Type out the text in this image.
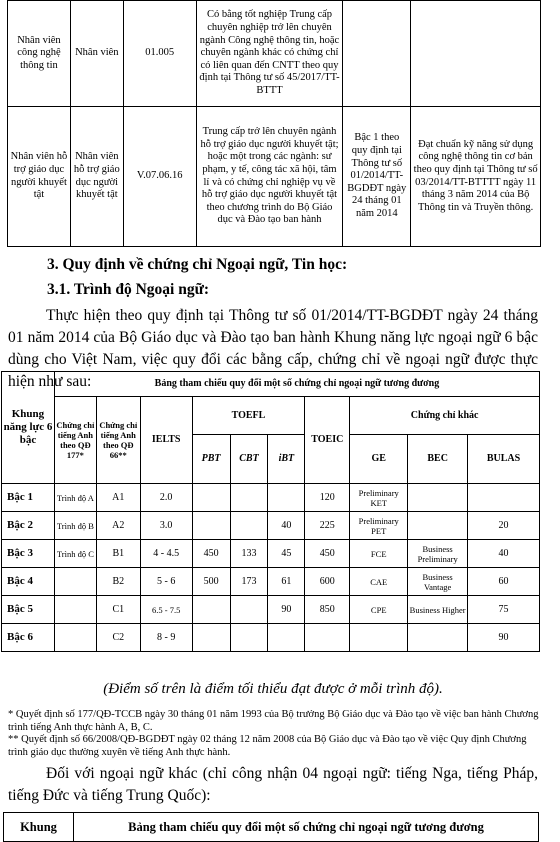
Nhân viên công nghệ thông tin	Nhân viên	01.005	Có bằng tốt nghiệp Trung cấp chuyên nghiệp trở lên chuyên ngành Công nghệ thông tin, hoặc chuyên ngành khác có chứng chỉ có liên quan đến CNTT theo quy định tại Thông tư số 45/2017/TT-BTTT		
Nhân viên hỗ trợ giáo dục người khuyết tật	Nhân viên hỗ trợ giáo dục người khuyết tật	V.07.06.16	Trung cấp trở lên chuyên ngành hỗ trợ giáo dục người khuyết tật; hoặc một trong các ngành: sư phạm, y tế, công tác xã hội, tâm lí và có chứng chỉ nghiệp vụ về hỗ trợ giáo dục người khuyết tật theo chương trình do Bộ Giáo dục và Đào tạo ban hành	Bậc 1 theo quy định tại Thông tư số 01/2014/TT-BGDĐT ngày 24 tháng 01 năm 2014	Đạt chuẩn kỹ năng sử dụng công nghệ thông tin cơ bản theo quy định tại Thông tư số 03/2014/TT-BTTTT ngày 11 tháng 3 năm 2014 của Bộ Thông tin và Truyền thông.
3. Quy định về chứng chỉ Ngoại ngữ, Tin học:
3.1. Trình độ Ngoại ngữ:
Thực hiện theo quy định tại Thông tư số 01/2014/TT-BGDĐT ngày 24 tháng 01 năm 2014 của Bộ Giáo dục và Đào tạo ban hành Khung năng lực ngoại ngữ 6 bậc dùng cho Việt Nam, việc quy đổi các bằng cấp, chứng chỉ về ngoại ngữ được thực hiện như sau:
Khung năng lực 6 bậc	Bảng tham chiếu quy đổi một số chứng chỉ ngoại ngữ tương đương									
	Chứng chỉ tiếng Anh theo QĐ 177*	Chứng chỉ tiếng Anh theo QĐ 66**	IELTS	TOEFL			TOEIC	Chứng chỉ khác		
				PBT	CBT	iBT		GE	BEC	BULAS
Bậc 1	Trình độ A	A1	2.0				120	Preliminary KET		
Bậc 2	Trình độ B	A2	3.0			40	225	Preliminary PET		20
Bậc 3	Trình độ C	B1	4 - 4.5	450	133	45	450	FCE	Business Preliminary	40
Bậc 4		B2	5 - 6	500	173	61	600	CAE	Business Vantage	60
Bậc 5		C1	6.5 - 7.5			90	850	CPE	Business Higher	75
Bậc 6		C2	8 - 9							90
(Điểm số trên là điểm tối thiểu đạt được ở mỗi trình độ).
* Quyết định số 177/QĐ-TCCB ngày 30 tháng 01 năm 1993 của Bộ trưởng Bộ Giáo dục và Đào tạo về việc ban hành Chương trình tiếng Anh thực hành A, B, C.
** Quyết định số 66/2008/QĐ-BGDĐT ngày 02 tháng 12 năm 2008 của Bộ Giáo dục và Đào tạo về việc Quy định Chương trình giáo dục thường xuyên về tiếng Anh thực hành.
Đối với ngoại ngữ khác (chỉ công nhận 04 ngoại ngữ: tiếng Nga, tiếng Pháp, tiếng Đức và tiếng Trung Quốc):
Khung	Bảng tham chiếu quy đổi một số chứng chỉ ngoại ngữ tương đương
